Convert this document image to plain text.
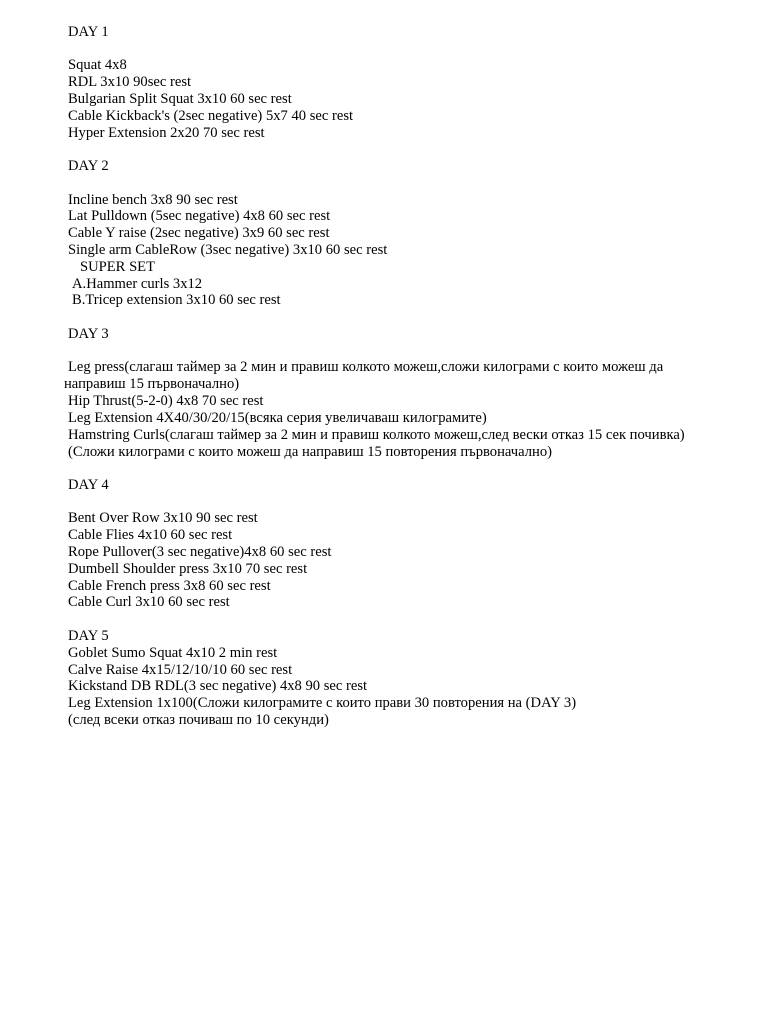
DAY 1
Squat 4x8
RDL 3x10 90sec rest
Bulgarian Split Squat 3x10 60 sec rest
Cable Kickback's (2sec negative) 5x7 40 sec rest
Hyper Extension 2x20 70 sec rest
DAY 2
Incline bench 3x8 90 sec rest
Lat Pulldown (5sec negative) 4x8 60 sec rest
Cable Y raise (2sec negative) 3x9 60 sec rest
Single arm CableRow (3sec negative) 3x10 60 sec rest
SUPER SET
A.Hammer curls 3x12
B.Tricep extension 3x10 60 sec rest
DAY 3
Leg press(слагаш таймер за 2 мин и правиш колкото можеш,сложи килограми с които можеш да
направиш 15 първоначално)
Hip Thrust(5-2-0) 4x8 70 sec rest
Leg Extension 4X40/30/20/15(всяка серия увеличаваш килограмите)
Hamstring Curls(слагаш таймер за 2 мин и правиш колкото можеш,след вески отказ 15 сек почивка)
(Сложи килограми с които можеш да направиш 15 повторения първоначално)
DAY 4
Bent Over Row 3x10 90 sec rest
Cable Flies 4x10 60 sec rest
Rope Pullover(3 sec negative)4x8 60 sec rest
Dumbell Shoulder press 3x10 70 sec rest
Cable French press 3x8 60 sec rest
Cable Curl 3x10 60 sec rest
DAY 5
Goblet Sumo Squat 4x10 2 min rest
Calve Raise 4x15/12/10/10 60 sec rest
Kickstand DB RDL(3 sec negative) 4x8 90 sec rest
Leg Extension 1x100(Сложи килограмите с които прави 30 повторения на (DAY 3)
(след всеки отказ почиваш по 10 секунди)
